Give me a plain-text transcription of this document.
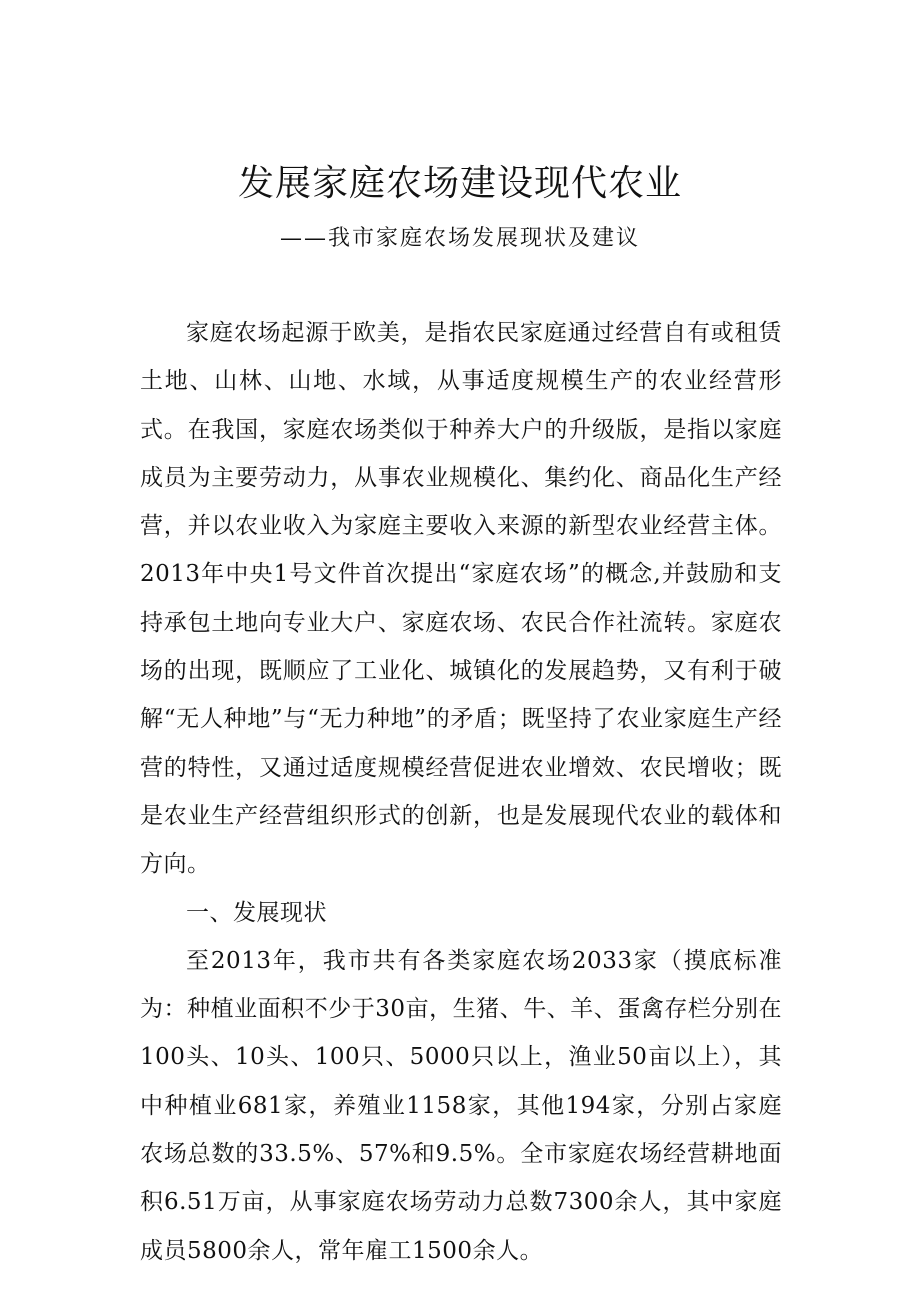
发展家庭农场建设现代农业
——我市家庭农场发展现状及建议

家庭农场起源于欧美，是指农民家庭通过经营自有或租赁土地、山林、山地、水域，从事适度规模生产的农业经营形式。在我国，家庭农场类似于种养大户的升级版，是指以家庭成员为主要劳动力，从事农业规模化、集约化、商品化生产经营，并以农业收入为家庭主要收入来源的新型农业经营主体。2013年中央1号文件首次提出“家庭农场”的概念,并鼓励和支持承包土地向专业大户、家庭农场、农民合作社流转。家庭农场的出现，既顺应了工业化、城镇化的发展趋势，又有利于破解“无人种地”与“无力种地”的矛盾；既坚持了农业家庭生产经营的特性，又通过适度规模经营促进农业增效、农民增收；既是农业生产经营组织形式的创新，也是发展现代农业的载体和方向。

一、发展现状

至2013年，我市共有各类家庭农场2033家（摸底标准为：种植业面积不少于30亩，生猪、牛、羊、蛋禽存栏分别在100头、10头、100只、5000只以上，渔业50亩以上），其中种植业681家，养殖业1158家，其他194家，分别占家庭农场总数的33.5%、57%和9.5%。全市家庭农场经营耕地面积6.51万亩，从事家庭农场劳动力总数7300余人，其中家庭成员5800余人，常年雇工1500余人。
